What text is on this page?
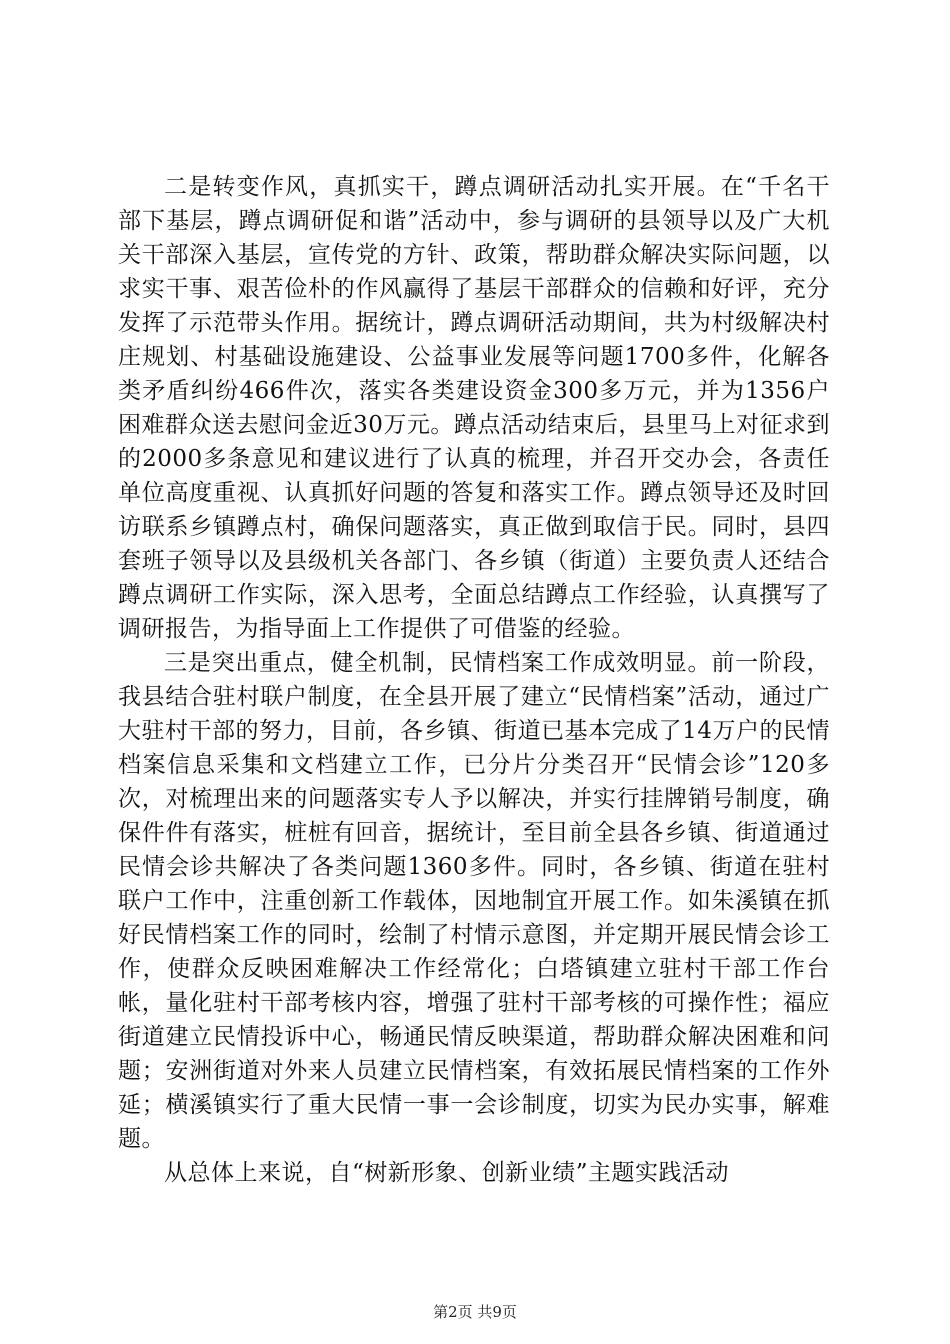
二是转变作风，真抓实干，蹲点调研活动扎实开展。在“千名干部下基层，蹲点调研促和谐”活动中，参与调研的县领导以及广大机关干部深入基层，宣传党的方针、政策，帮助群众解决实际问题，以求实干事、艰苦俭朴的作风赢得了基层干部群众的信赖和好评，充分发挥了示范带头作用。据统计，蹲点调研活动期间，共为村级解决村庄规划、村基础设施建设、公益事业发展等问题1700多件，化解各类矛盾纠纷466件次，落实各类建设资金300多万元，并为1356户困难群众送去慰问金近30万元。蹲点活动结束后，县里马上对征求到的2000多条意见和建议进行了认真的梳理，并召开交办会，各责任单位高度重视、认真抓好问题的答复和落实工作。蹲点领导还及时回访联系乡镇蹲点村，确保问题落实，真正做到取信于民。同时，县四套班子领导以及县级机关各部门、各乡镇（街道）主要负责人还结合蹲点调研工作实际，深入思考，全面总结蹲点工作经验，认真撰写了调研报告，为指导面上工作提供了可借鉴的经验。

三是突出重点，健全机制，民情档案工作成效明显。前一阶段，我县结合驻村联户制度，在全县开展了建立“民情档案”活动，通过广大驻村干部的努力，目前，各乡镇、街道已基本完成了14万户的民情档案信息采集和文档建立工作，已分片分类召开“民情会诊”120多次，对梳理出来的问题落实专人予以解决，并实行挂牌销号制度，确保件件有落实，桩桩有回音，据统计，至目前全县各乡镇、街道通过民情会诊共解决了各类问题1360多件。同时，各乡镇、街道在驻村联户工作中，注重创新工作载体，因地制宜开展工作。如朱溪镇在抓好民情档案工作的同时，绘制了村情示意图，并定期开展民情会诊工作，使群众反映困难解决工作经常化；白塔镇建立驻村干部工作台帐，量化驻村干部考核内容，增强了驻村干部考核的可操作性；福应街道建立民情投诉中心，畅通民情反映渠道，帮助群众解决困难和问题；安洲街道对外来人员建立民情档案，有效拓展民情档案的工作外延；横溪镇实行了重大民情一事一会诊制度，切实为民办实事，解难题。

从总体上来说，自“树新形象、创新业绩”主题实践活动

第2页 共9页
